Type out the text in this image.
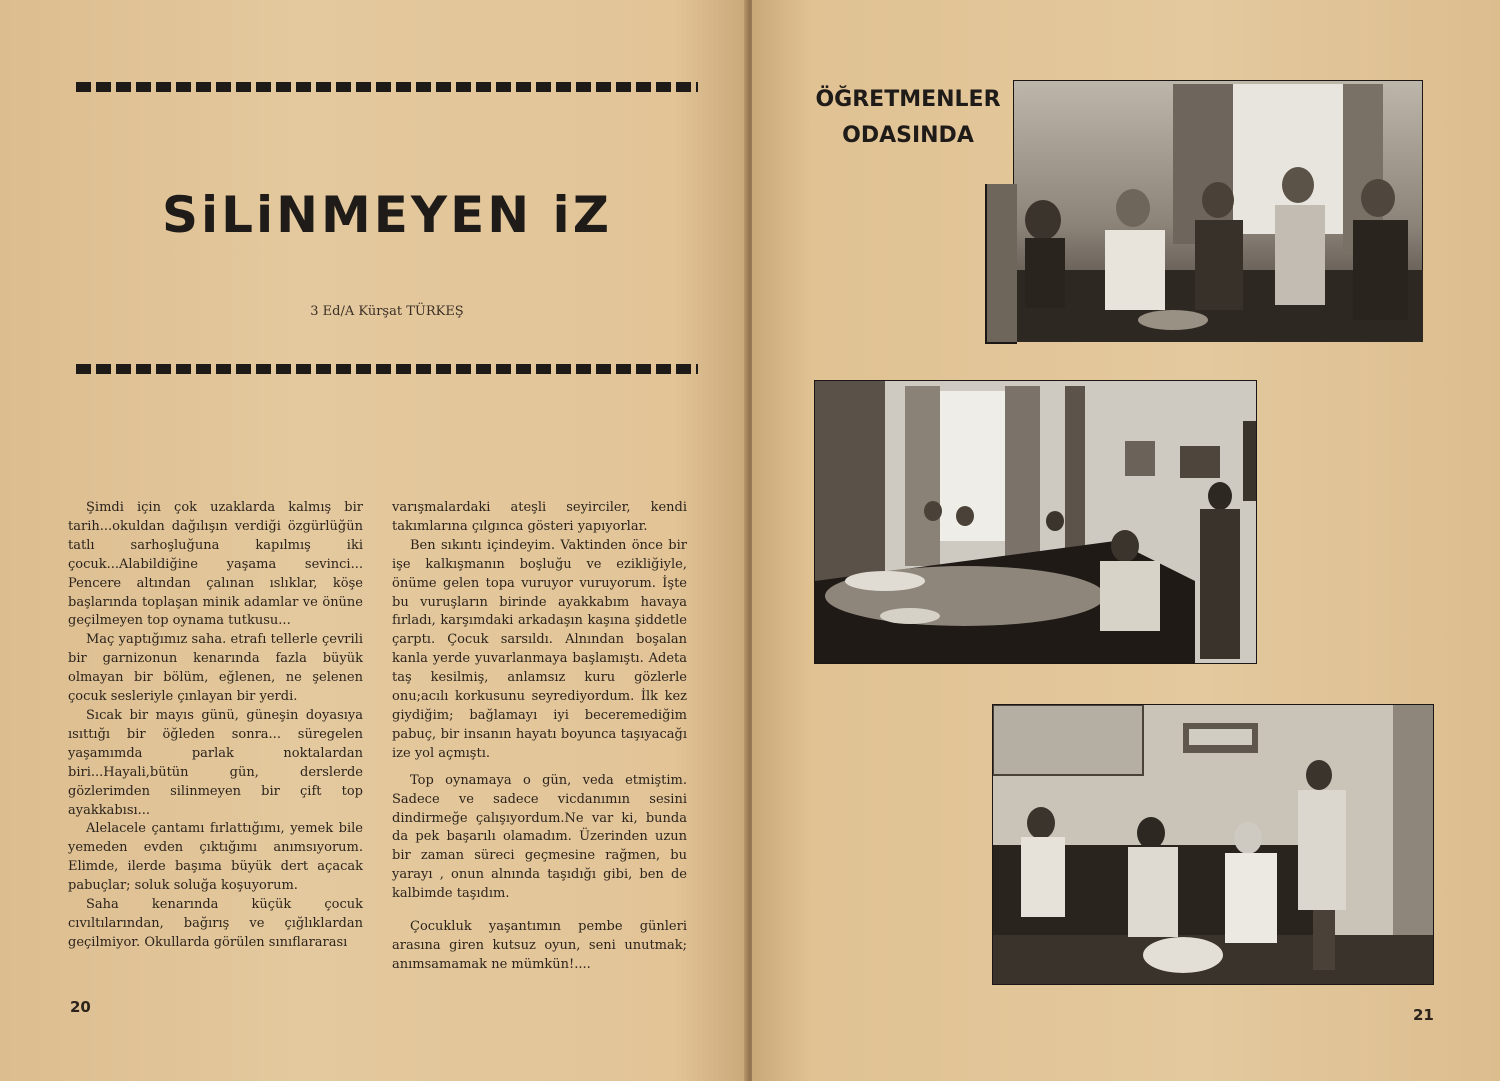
SiLiNMEYEN iZ
3 Ed/A Kürşat TÜRKEŞ

Şimdi için çok uzaklarda kalmış bir tarih...okuldan dağılışın verdiği özgürlüğün tatlı sarhoşluğuna kapılmış iki çocuk...Alabildiğine yaşama sevinci... Pencere altından çalınan ıslıklar, köşe başlarında toplaşan minik adamlar ve önüne geçilmeyen top oynama tutkusu...

Maç yaptığımız saha. etrafı tellerle çevrili bir garnizonun kenarında fazla büyük olmayan bir bölüm, eğlenen, ne şelenen çocuk sesleriyle çınlayan bir yerdi.

Sıcak bir mayıs günü, güneşin doyasıya ısıttığı bir öğleden sonra... süregelen yaşamımda parlak noktalardan biri...Hayali,bütün gün, derslerde gözlerimden silinmeyen bir çift top ayakkabısı...

Alelacele çantamı fırlattığımı, yemek bile yemeden evden çıktığımı anımsıyorum. Elimde, ilerde başıma büyük dert açacak pabuçlar; soluk soluğa koşuyorum.

Saha kenarında küçük çocuk cıvıltılarından, bağırış ve çığlıklardan geçilmiyor. Okullarda görülen sınıflararası

varışmalardaki ateşli seyirciler, kendi takımlarına çılgınca gösteri yapıyorlar.

Ben sıkıntı içindeyim. Vaktinden önce bir işe kalkışmanın boşluğu ve ezikliğiyle, önüme gelen topa vuruyor vuruyorum. İşte bu vuruşların birinde ayakkabım havaya fırladı, karşımdaki arkadaşın kaşına şiddetle çarptı. Çocuk sarsıldı. Alnından boşalan kanla yerde yuvarlanmaya başlamıştı. Adeta taş kesilmiş, anlamsız kuru gözlerle onu;acılı korkusunu seyrediyordum. İlk kez giydiğim; bağlamayı iyi beceremediğim pabuç, bir insanın hayatı boyunca taşıyacağı ize yol açmıştı.

Top oynamaya o gün, veda etmiştim. Sadece ve sadece vicdanımın sesini dindirmeğe çalışıyordum.Ne var ki, bunda da pek başarılı olamadım. Üzerinden uzun bir zaman süreci geçmesine rağmen, bu yarayı , onun alnında taşıdığı gibi, ben de kalbimde taşıdım.

Çocukluk yaşantımın pembe günleri arasına giren kutsuz oyun, seni unutmak; anımsamamak ne mümkün!....

20
ÖĞRETMENLER
ODASINDA
21
